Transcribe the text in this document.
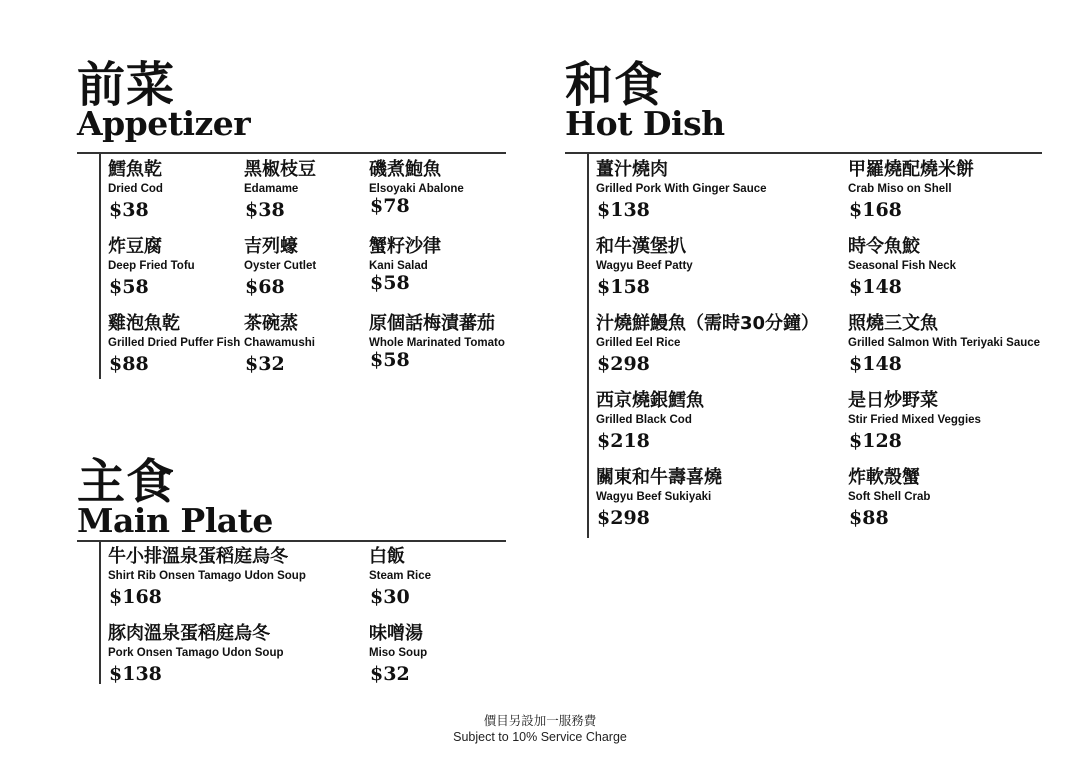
前菜
Appetizer
主食
Main Plate
和食
Hot Dish
鱈魚乾
Dried Cod
$38
黑椒枝豆
Edamame
$38
磯煮鮑魚
Elsoyaki Abalone
$78
炸豆腐
Deep Fried Tofu
$58
吉列蠔
Oyster Cutlet
$68
蟹籽沙律
Kani Salad
$58
雞泡魚乾
Grilled Dried Puffer Fish
$88
茶碗蒸
Chawamushi
$32
原個話梅漬蕃茄
Whole Marinated Tomato
$58
牛小排溫泉蛋稻庭烏冬
Shirt Rib Onsen Tamago Udon Soup
$168
白飯
Steam Rice
$30
豚肉溫泉蛋稻庭烏冬
Pork Onsen Tamago Udon Soup
$138
味噌湯
Miso Soup
$32
薑汁燒肉
Grilled Pork With Ginger Sauce
$138
甲羅燒配燒米餅
Crab Miso on Shell
$168
和牛漢堡扒
Wagyu Beef Patty
$158
時令魚鮫
Seasonal Fish Neck
$148
汁燒鮮鰻魚（需時30分鐘）
Grilled Eel Rice
$298
照燒三文魚
Grilled Salmon With Teriyaki Sauce
$148
西京燒銀鱈魚
Grilled Black Cod
$218
是日炒野菜
Stir Fried Mixed Veggies
$128
關東和牛壽喜燒
Wagyu Beef Sukiyaki
$298
炸軟殼蟹
Soft Shell Crab
$88
價目另設加一服務費
Subject to 10% Service Charge
